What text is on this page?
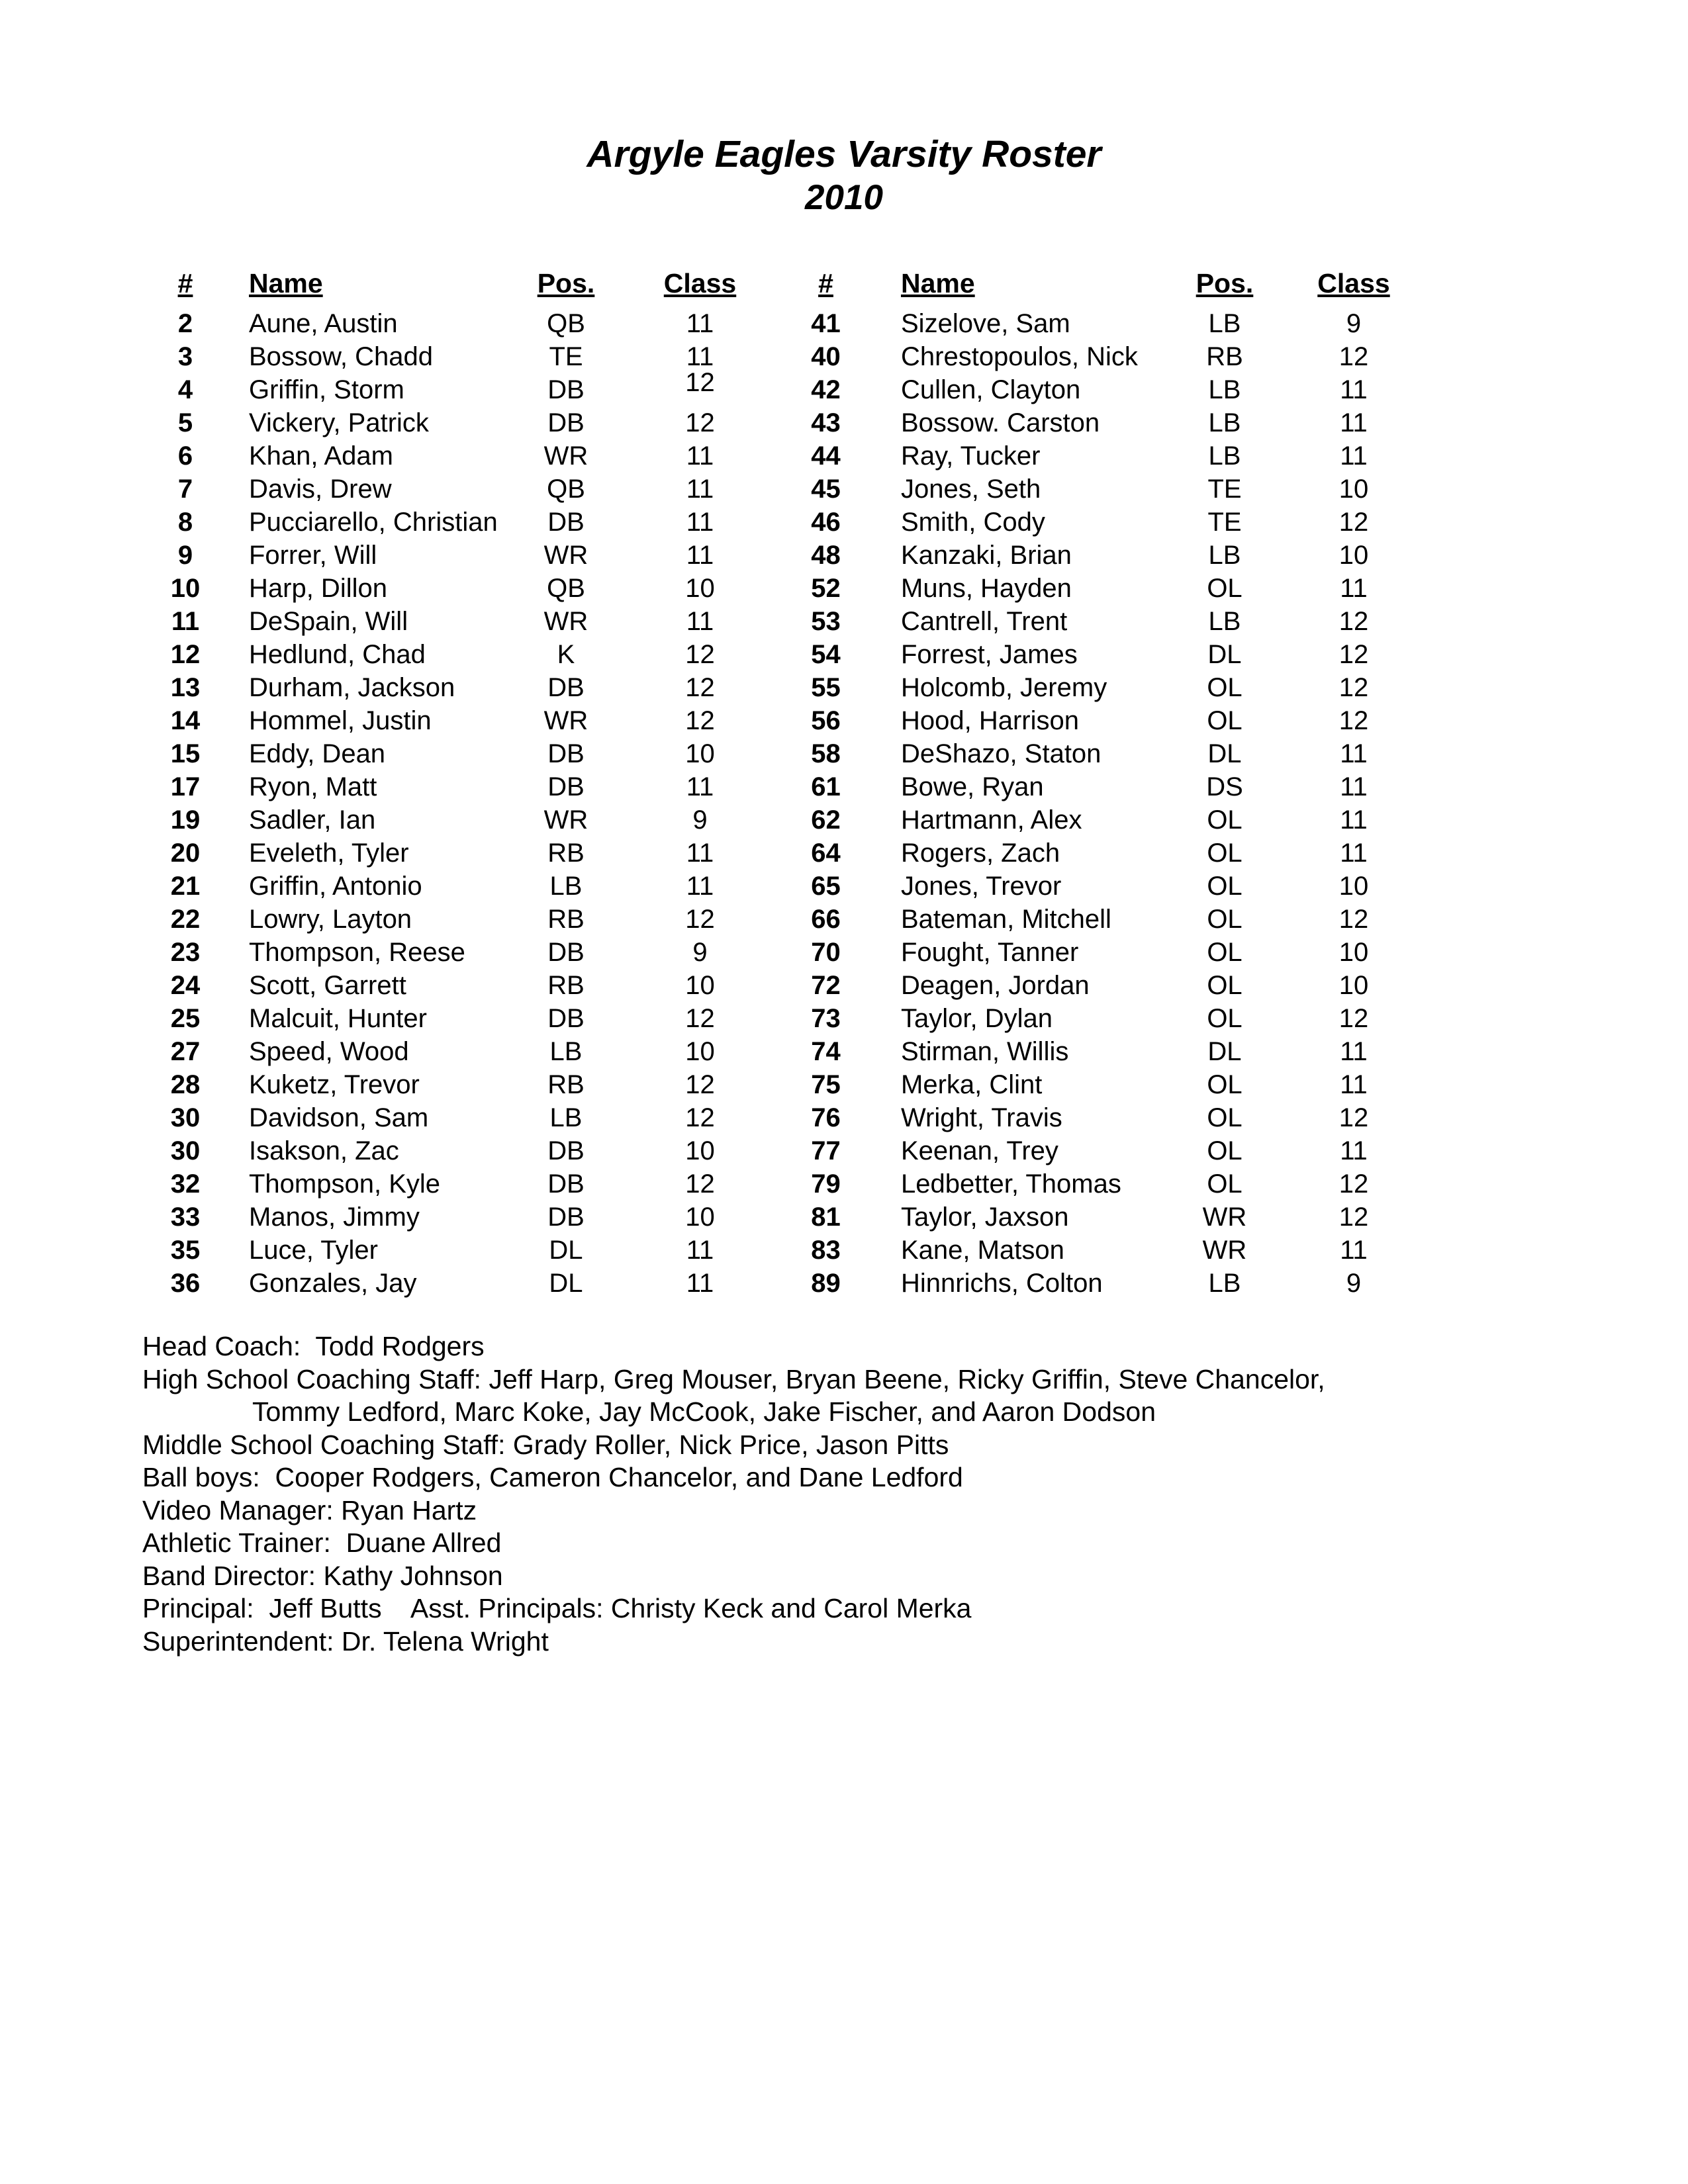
Argyle Eagles Varsity Roster
2010
#	Name	Pos.	Class
2	Aune, Austin	QB	11
3	Bossow, Chadd	TE	11
4	Griffin, Storm	DB	12
5	Vickery, Patrick	DB	12
6	Khan, Adam	WR	11
7	Davis, Drew	QB	11
8	Pucciarello, Christian	DB	11
9	Forrer, Will	WR	11
10	Harp, Dillon	QB	10
11	DeSpain, Will	WR	11
12	Hedlund, Chad	K	12
13	Durham, Jackson	DB	12
14	Hommel, Justin	WR	12
15	Eddy, Dean	DB	10
17	Ryon, Matt	DB	11
19	Sadler, Ian	WR	9
20	Eveleth, Tyler	RB	11
21	Griffin, Antonio	LB	11
22	Lowry, Layton	RB	12
23	Thompson, Reese	DB	9
24	Scott, Garrett	RB	10
25	Malcuit, Hunter	DB	12
27	Speed, Wood	LB	10
28	Kuketz, Trevor	RB	12
30	Davidson, Sam	LB	12
30	Isakson, Zac	DB	10
32	Thompson, Kyle	DB	12
33	Manos, Jimmy	DB	10
35	Luce, Tyler	DL	11
36	Gonzales, Jay	DL	11
#	Name	Pos.	Class
41	Sizelove, Sam	LB	9
40	Chrestopoulos, Nick	RB	12
42	Cullen, Clayton	LB	11
43	Bossow. Carston	LB	11
44	Ray, Tucker	LB	11
45	Jones, Seth	TE	10
46	Smith, Cody	TE	12
48	Kanzaki, Brian	LB	10
52	Muns, Hayden	OL	11
53	Cantrell, Trent	LB	12
54	Forrest, James	DL	12
55	Holcomb, Jeremy	OL	12
56	Hood, Harrison	OL	12
58	DeShazo, Staton	DL	11
61	Bowe, Ryan	DS	11
62	Hartmann, Alex	OL	11
64	Rogers, Zach	OL	11
65	Jones, Trevor	OL	10
66	Bateman, Mitchell	OL	12
70	Fought, Tanner	OL	10
72	Deagen, Jordan	OL	10
73	Taylor, Dylan	OL	12
74	Stirman, Willis	DL	11
75	Merka, Clint	OL	11
76	Wright, Travis	OL	12
77	Keenan, Trey	OL	11
79	Ledbetter, Thomas	OL	12
81	Taylor, Jaxson	WR	12
83	Kane, Matson	WR	11
89	Hinnrichs, Colton	LB	9
Head Coach:  Todd Rodgers
High School Coaching Staff: Jeff Harp, Greg Mouser, Bryan Beene, Ricky Griffin, Steve Chancelor,
Tommy Ledford, Marc Koke, Jay McCook, Jake Fischer, and Aaron Dodson
Middle School Coaching Staff: Grady Roller, Nick Price, Jason Pitts
Ball boys:  Cooper Rodgers, Cameron Chancelor, and Dane Ledford
Video Manager: Ryan Hartz
Athletic Trainer:  Duane Allred
Band Director: Kathy Johnson
Principal:  Jeff Butts    Asst. Principals: Christy Keck and Carol Merka
Superintendent: Dr. Telena Wright
